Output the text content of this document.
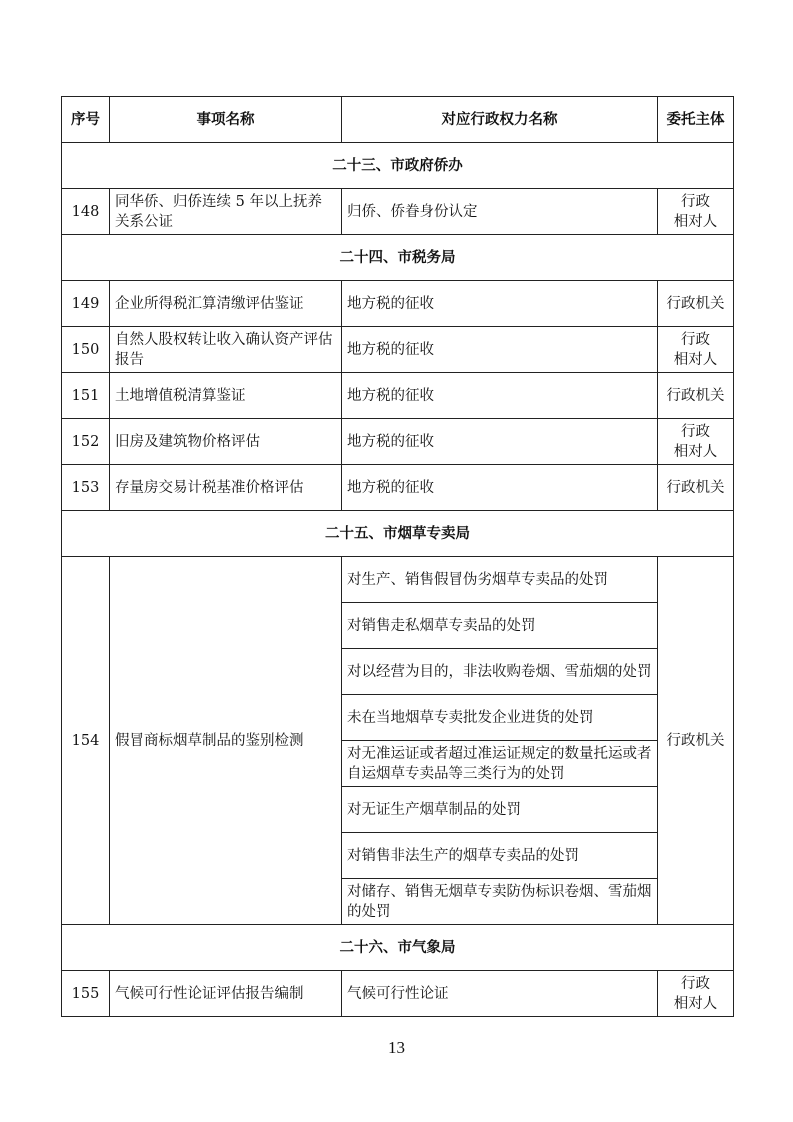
序号	事项名称	对应行政权力名称	委托主体
二十三、市政府侨办			
148	同华侨、归侨连续 5 年以上抚养关系公证	归侨、侨眷身份认定	行政
相对人
二十四、市税务局			
149	企业所得税汇算清缴评估鉴证	地方税的征收	行政机关
150	自然人股权转让收入确认资产评估报告	地方税的征收	行政
相对人
151	土地增值税清算鉴证	地方税的征收	行政机关
152	旧房及建筑物价格评估	地方税的征收	行政
相对人
153	存量房交易计税基准价格评估	地方税的征收	行政机关
二十五、市烟草专卖局			
154	假冒商标烟草制品的鉴别检测	对生产、销售假冒伪劣烟草专卖品的处罚	行政机关
		对销售走私烟草专卖品的处罚	
		对以经营为目的，非法收购卷烟、雪茄烟的处罚	
		未在当地烟草专卖批发企业进货的处罚	
		对无准运证或者超过准运证规定的数量托运或者自运烟草专卖品等三类行为的处罚	
		对无证生产烟草制品的处罚	
		对销售非法生产的烟草专卖品的处罚	
		对储存、销售无烟草专卖防伪标识卷烟、雪茄烟的处罚	
二十六、市气象局			
155	气候可行性论证评估报告编制	气候可行性论证	行政
相对人
13
